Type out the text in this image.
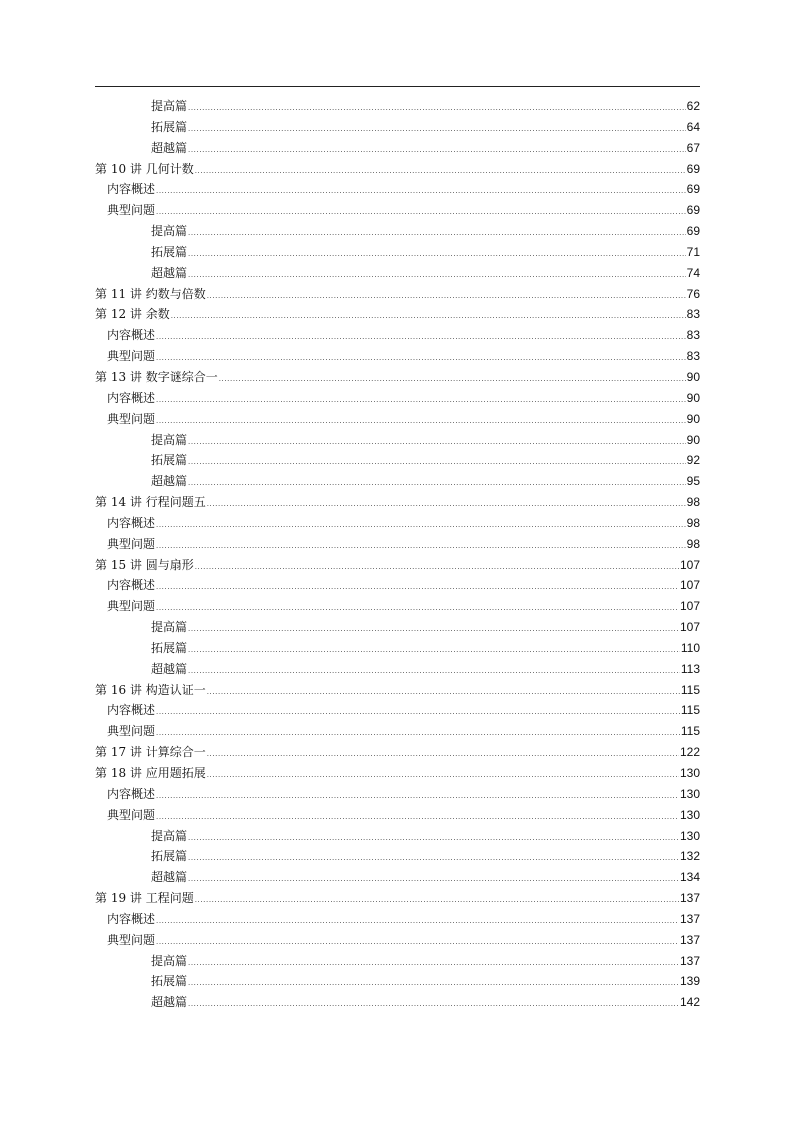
提高篇 .....	62
拓展篇 .....	64
超越篇 .....	67
第 10 讲 几何计数 .....	69
内容概述 .....	69
典型问题 .....	69
提高篇 .....	69
拓展篇 .....	71
超越篇 .....	74
第 11 讲 约数与倍数 .....	76
第 12 讲 余数 .....	83
内容概述 .....	83
典型问题 .....	83
第 13 讲 数字谜综合一 .....	90
内容概述 .....	90
典型问题 .....	90
提高篇 .....	90
拓展篇 .....	92
超越篇 .....	95
第 14 讲 行程问题五 .....	98
内容概述 .....	98
典型问题 .....	98
第 15 讲 圆与扇形 .....	107
内容概述 .....	107
典型问题 .....	107
提高篇 .....	107
拓展篇 .....	110
超越篇 .....	113
第 16 讲 构造认证一 .....	115
内容概述 .....	115
典型问题 .....	115
第 17 讲 计算综合一 .....	122
第 18 讲 应用题拓展 .....	130
内容概述 .....	130
典型问题 .....	130
提高篇 .....	130
拓展篇 .....	132
超越篇 .....	134
第 19 讲 工程问题 .....	137
内容概述 .....	137
典型问题 .....	137
提高篇 .....	137
拓展篇 .....	139
超越篇 .....	142
